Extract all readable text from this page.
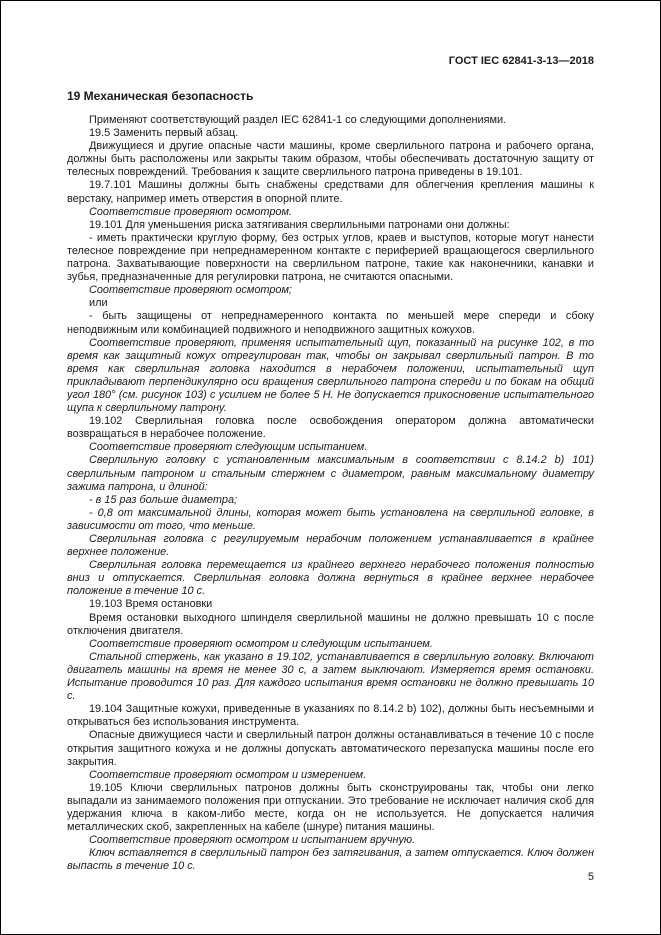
ГОСТ IEC 62841-3-13—2018
19 Механическая безопасность

Применяют соответствующий раздел IEC 62841-1 со следующими дополнениями.

19.5 Заменить первый абзац.

Движущиеся и другие опасные части машины, кроме сверлильного патрона и рабочего органа, должны быть расположены или закрыты таким образом, чтобы обеспечивать достаточную защиту от телесных повреждений. Требования к защите сверлильного патрона приведены в 19.101.

19.7.101 Машины должны быть снабжены средствами для облегчения крепления машины к верстаку, например иметь отверстия в опорной плите.

Соответствие проверяют осмотром.

19.101 Для уменьшения риска затягивания сверлильными патронами они должны:

- иметь практически круглую форму, без острых углов, краев и выступов, которые могут нанести телесное повреждение при непреднамеренном контакте с периферией вращающегося сверлильного патрона. Захватывающие поверхности на сверлильном патроне, такие как наконечники, канавки и зубья, предназначенные для регулировки патрона, не считаются опасными.

Соответствие проверяют осмотром;

или

- быть защищены от непреднамеренного контакта по меньшей мере спереди и сбоку неподвижным или комбинацией подвижного и неподвижного защитных кожухов.

Соответствие проверяют, применяя испытательный щуп, показанный на рисунке 102, в то время как защитный кожух отрегулирован так, чтобы он закрывал сверлильный патрон. В то время как сверлильная головка находится в нерабочем положении, испытательный щуп прикладывают перпендикулярно оси вращения сверлильного патрона спереди и по бокам на общий угол 180° (см. рисунок 103) с усилием не более 5 Н. Не допускается прикосновение испытательного щупа к сверлильному патрону.

19.102 Сверлильная головка после освобождения оператором должна автоматически возвращаться в нерабочее положение.

Соответствие проверяют следующим испытанием.

Сверлильную головку с установленным максимальным в соответствии с 8.14.2 b) 101) сверлильным патроном и стальным стержнем с диаметром, равным максимальному диаметру зажима патрона, и длиной:

- в 15 раз больше диаметра;

- 0,8 от максимальной длины, которая может быть установлена на сверлильной головке, в зависимости от того, что меньше.

Сверлильная головка с регулируемым нерабочим положением устанавливается в крайнее верхнее положение.

Сверлильная головка перемещается из крайнего верхнего нерабочего положения полностью вниз и отпускается. Сверлильная головка должна вернуться в крайнее верхнее нерабочее положение в течение 10 с.

19.103 Время остановки

Время остановки выходного шпинделя сверлильной машины не должно превышать 10 с после отключения двигателя.

Соответствие проверяют осмотром и следующим испытанием.

Стальной стержень, как указано в 19.102, устанавливается в сверлильную головку. Включают двигатель машины на время не менее 30 с, а затем выключают. Измеряется время остановки. Испытание проводится 10 раз. Для каждого испытания время остановки не должно превышать 10 с.

19.104 Защитные кожухи, приведенные в указаниях по 8.14.2 b) 102), должны быть несъемными и открываться без использования инструмента.

Опасные движущиеся части и сверлильный патрон должны останавливаться в течение 10 с после открытия защитного кожуха и не должны допускать автоматического перезапуска машины после его закрытия.

Соответствие проверяют осмотром и измерением.

19.105 Ключи сверлильных патронов должны быть сконструированы так, чтобы они легко выпадали из занимаемого положения при отпускании. Это требование не исключает наличия скоб для удержания ключа в каком-либо месте, когда он не используется. Не допускается наличия металлических скоб, закрепленных на кабеле (шнуре) питания машины.

Соответствие проверяют осмотром и испытанием вручную.

Ключ вставляется в сверлильный патрон без затягивания, а затем отпускается. Ключ должен выпасть в течение 10 с.

5
